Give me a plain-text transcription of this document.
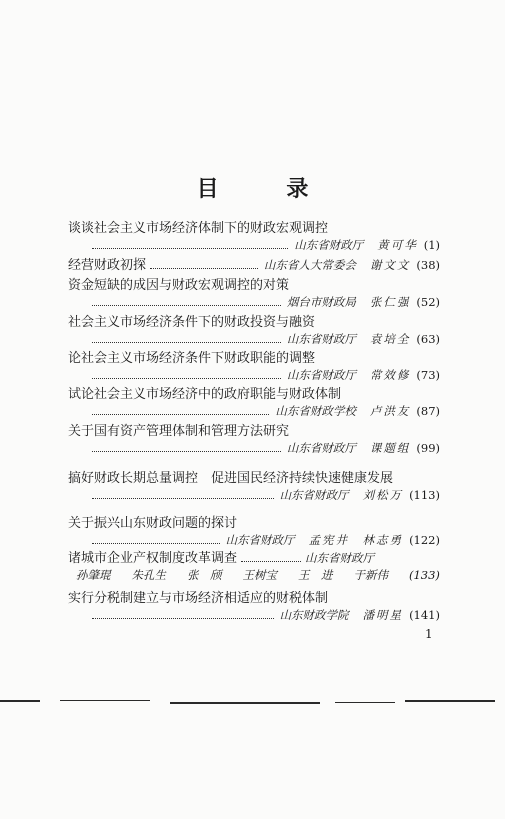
目 录
谈谈社会主义市场经济体制下的财政宏观调控
山东省财政厅 黄可华 (1)
经营财政初探	山东省人大常委会 谢文文 (38)
资金短缺的成因与财政宏观调控的对策
烟台市财政局 张仁强 (52)
社会主义市场经济条件下的财政投资与融资
山东省财政厅 袁培全 (63)
论社会主义市场经济条件下财政职能的调整
山东省财政厅 常效修 (73)
试论社会主义市场经济中的政府职能与财政体制
山东省财政学校 卢洪友 (87)
关于国有资产管理体制和管理方法研究
山东省财政厅 课题组 (99)
搞好财政长期总量调控　促进国民经济持续快速健康发展
山东省财政厅 刘松万 (113)
关于振兴山东财政问题的探讨
山东省财政厅 孟宪井　林志勇 (122)
诸城市企业产权制度改革调查	山东省财政厅
孙肇琨 朱孔生 张　颀 王树宝 王　进 于新伟 (133)
实行分税制建立与市场经济相适应的财税体制
山东财政学院 潘明星 (141)
1
